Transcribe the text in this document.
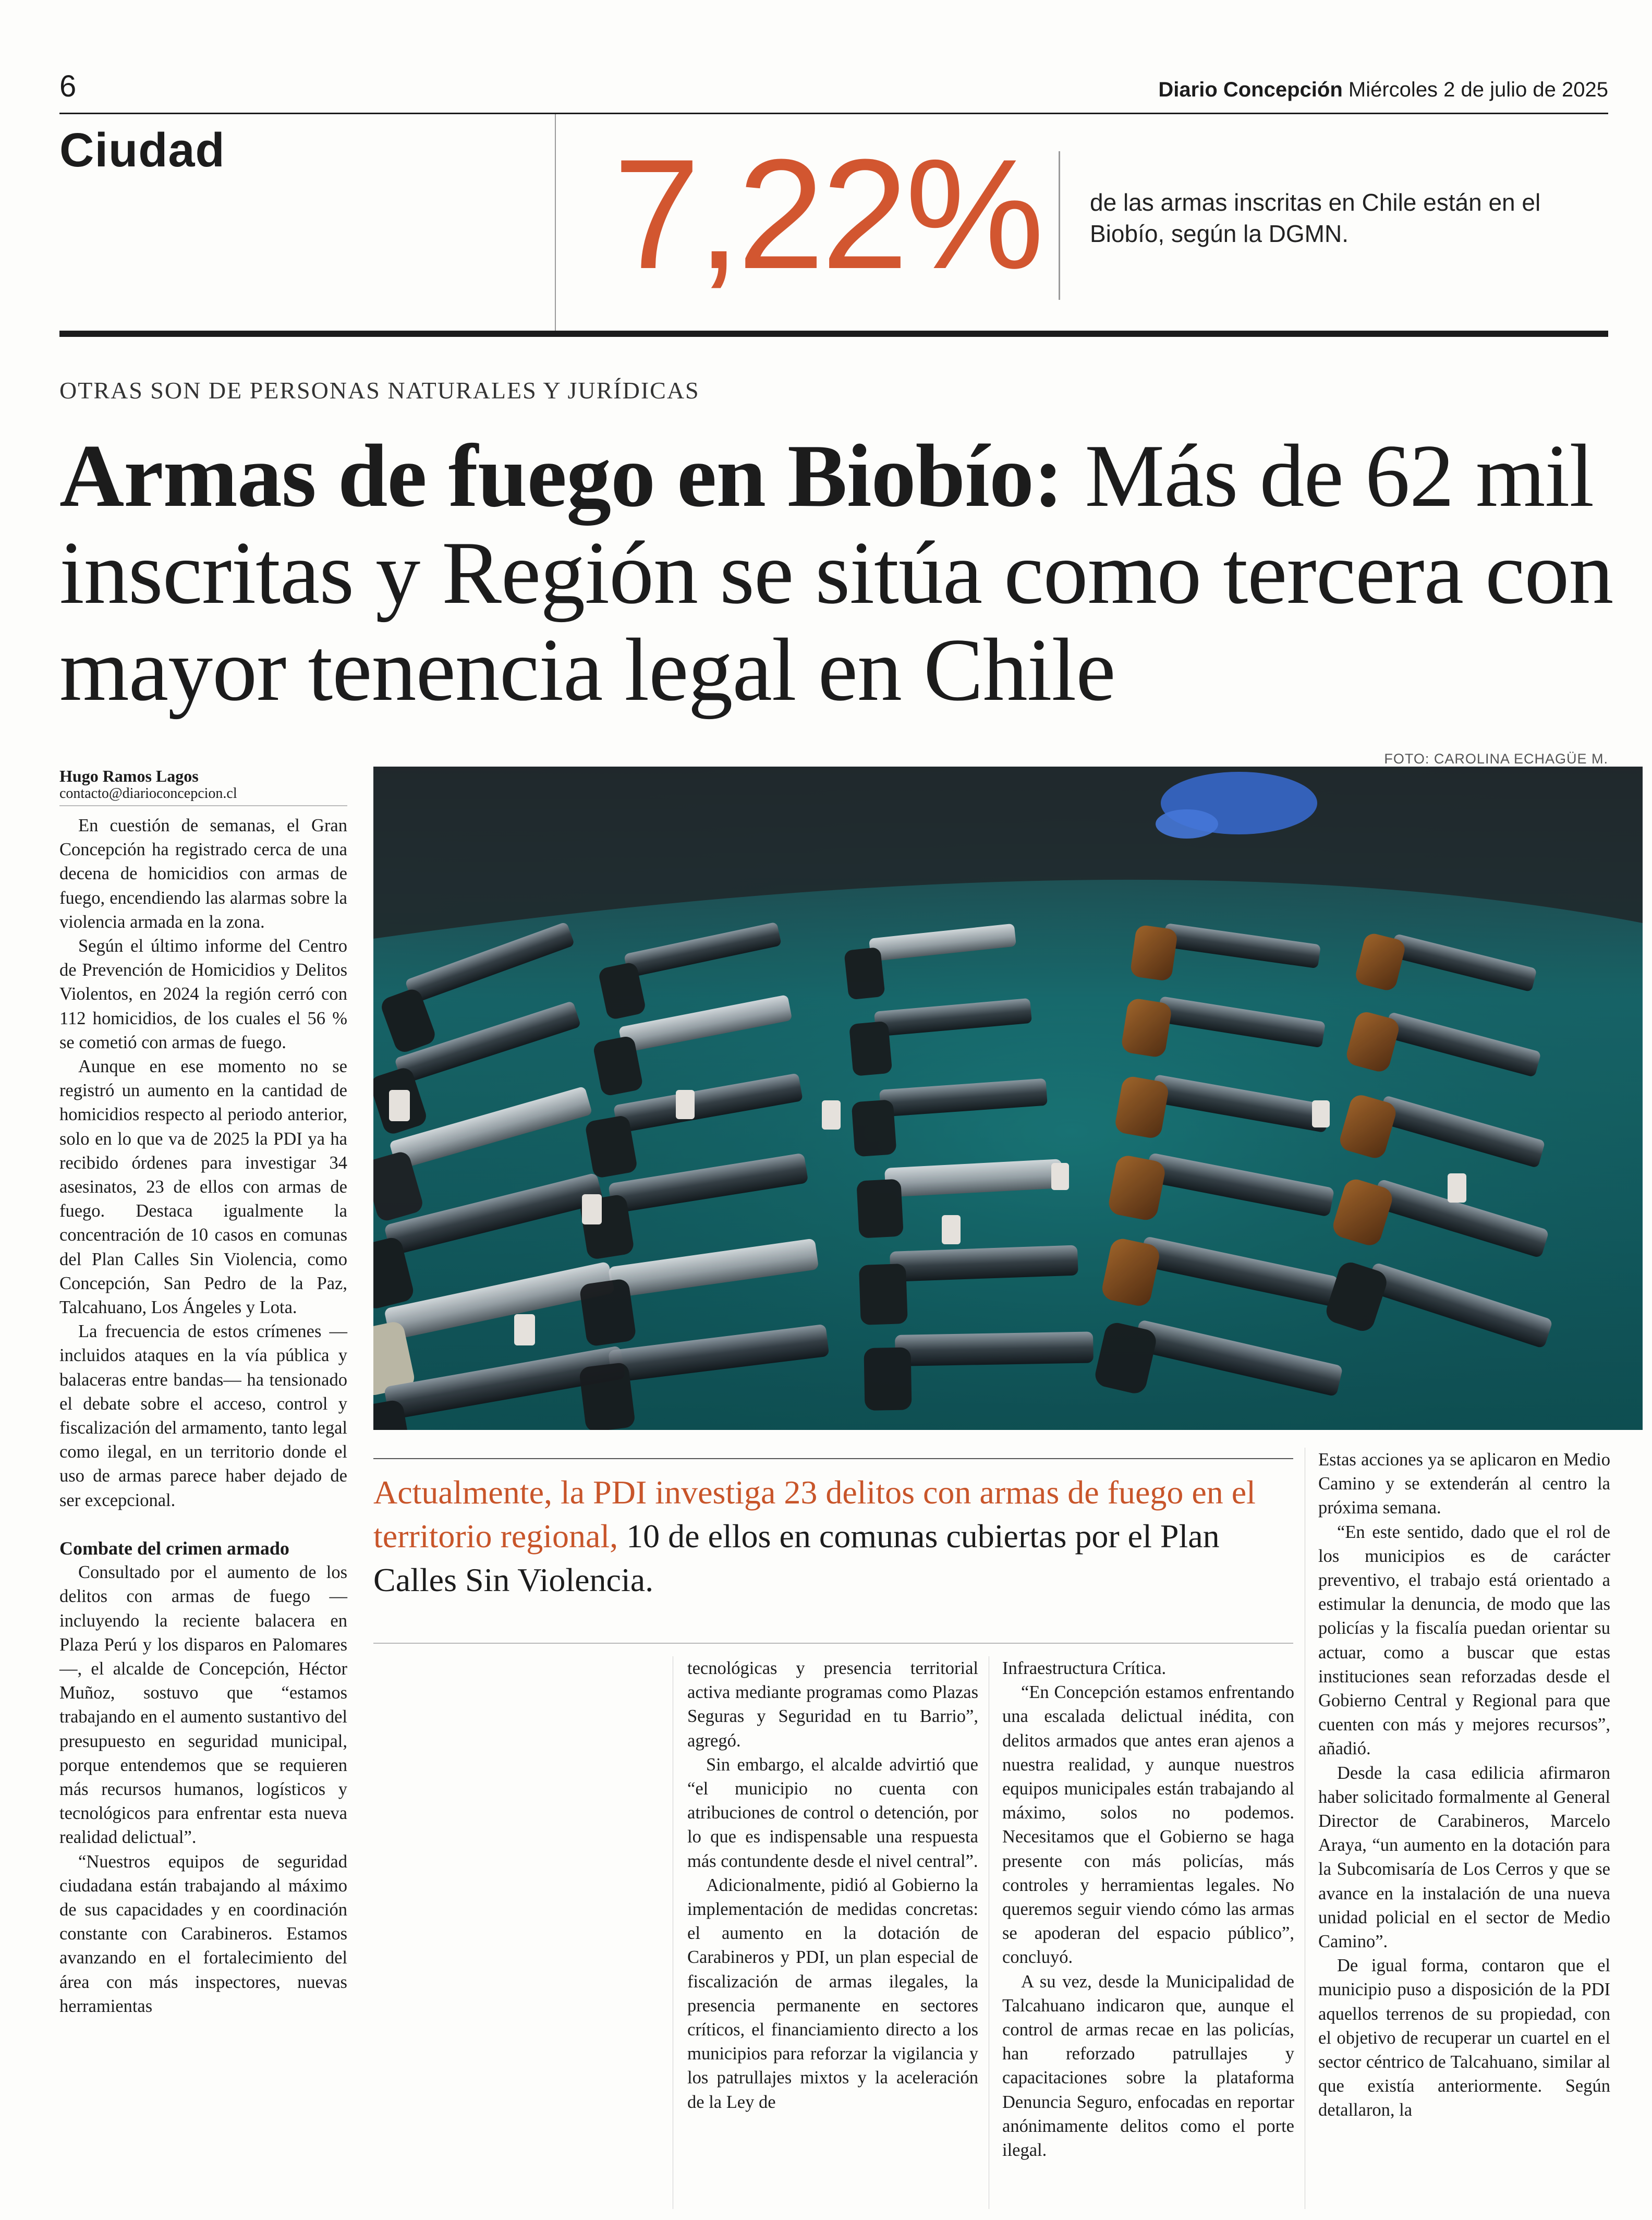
6	Diario Concepción Miércoles 2 de julio de 2025
Ciudad 7,22% de las armas inscritas en Chile están en el Biobío, según la DGMN.
OTRAS SON DE PERSONAS NATURALES Y JURÍDICAS
Armas de fuego en Biobío: Más de 62 mil inscritas y Región se sitúa como tercera con mayor tenencia legal en Chile
FOTO: CAROLINA ECHAGÜE M.
Hugo Ramos Lagos
contacto@diarioconcepcion.cl

En cuestión de semanas, el Gran Concepción ha registrado cerca de una decena de homicidios con armas de fuego, encendiendo las alarmas sobre la violencia armada en la zona.

Según el último informe del Centro de Prevención de Homicidios y Delitos Violentos, en 2024 la región cerró con 112 homicidios, de los cuales el 56 % se cometió con armas de fuego.

Aunque en ese momento no se registró un aumento en la cantidad de homicidios respecto al periodo anterior, solo en lo que va de 2025 la PDI ya ha recibido órdenes para investigar 34 asesinatos, 23 de ellos con armas de fuego. Destaca igualmente la concentración de 10 casos en comunas del Plan Calles Sin Violencia, como Concepción, San Pedro de la Paz, Talcahuano, Los Ángeles y Lota.

La frecuencia de estos crímenes —incluidos ataques en la vía pública y balaceras entre bandas— ha tensionado el debate sobre el acceso, control y fiscalización del armamento, tanto legal como ilegal, en un territorio donde el uso de armas parece haber dejado de ser excepcional.

Combate del crimen armado

Consultado por el aumento de los delitos con armas de fuego —incluyendo la reciente balacera en Plaza Perú y los disparos en Palomares—, el alcalde de Concepción, Héctor Muñoz, sostuvo que “estamos trabajando en el aumento sustantivo del presupuesto en seguridad municipal, porque entendemos que se requieren más recursos humanos, logísticos y tecnológicos para enfrentar esta nueva realidad delictual”.

“Nuestros equipos de seguridad ciudadana están trabajando al máximo de sus capacidades y en coordinación constante con Carabineros. Estamos avanzando en el fortalecimiento del área con más inspectores, nuevas herramientas

Actualmente, la PDI investiga 23 delitos con armas de fuego en el territorio regional, 10 de ellos en comunas cubiertas por el Plan Calles Sin Violencia.

tecnológicas y presencia territorial activa mediante programas como Plazas Seguras y Seguridad en tu Barrio”, agregó.

Sin embargo, el alcalde advirtió que “el municipio no cuenta con atribuciones de control o detención, por lo que es indispensable una respuesta más contundente desde el nivel central”.

Adicionalmente, pidió al Gobierno la implementación de medidas concretas: el aumento en la dotación de Carabineros y PDI, un plan especial de fiscalización de armas ilegales, la presencia permanente en sectores críticos, el financiamiento directo a los municipios para reforzar la vigilancia y los patrullajes mixtos y la aceleración de la Ley de

Infraestructura Crítica.

“En Concepción estamos enfrentando una escalada delictual inédita, con delitos armados que antes eran ajenos a nuestra realidad, y aunque nuestros equipos municipales están trabajando al máximo, solos no podemos. Necesitamos que el Gobierno se haga presente con más policías, más controles y herramientas legales. No queremos seguir viendo cómo las armas se apoderan del espacio público”, concluyó.

A su vez, desde la Municipalidad de Talcahuano indicaron que, aunque el control de armas recae en las policías, han reforzado patrullajes y capacitaciones sobre la plataforma Denuncia Seguro, enfocadas en reportar anónimamente delitos como el porte ilegal.

Estas acciones ya se aplicaron en Medio Camino y se extenderán al centro la próxima semana.

“En este sentido, dado que el rol de los municipios es de carácter preventivo, el trabajo está orientado a estimular la denuncia, de modo que las policías y la fiscalía puedan orientar su actuar, como a buscar que estas instituciones sean reforzadas desde el Gobierno Central y Regional para que cuenten con más y mejores recursos”, añadió.

Desde la casa edilicia afirmaron haber solicitado formalmente al General Director de Carabineros, Marcelo Araya, “un aumento en la dotación para la Subcomisaría de Los Cerros y que se avance en la instalación de una nueva unidad policial en el sector de Medio Camino”.

De igual forma, contaron que el municipio puso a disposición de la PDI aquellos terrenos de su propiedad, con el objetivo de recuperar un cuartel en el sector céntrico de Talcahuano, similar al que existía anteriormente. Según detallaron, la
